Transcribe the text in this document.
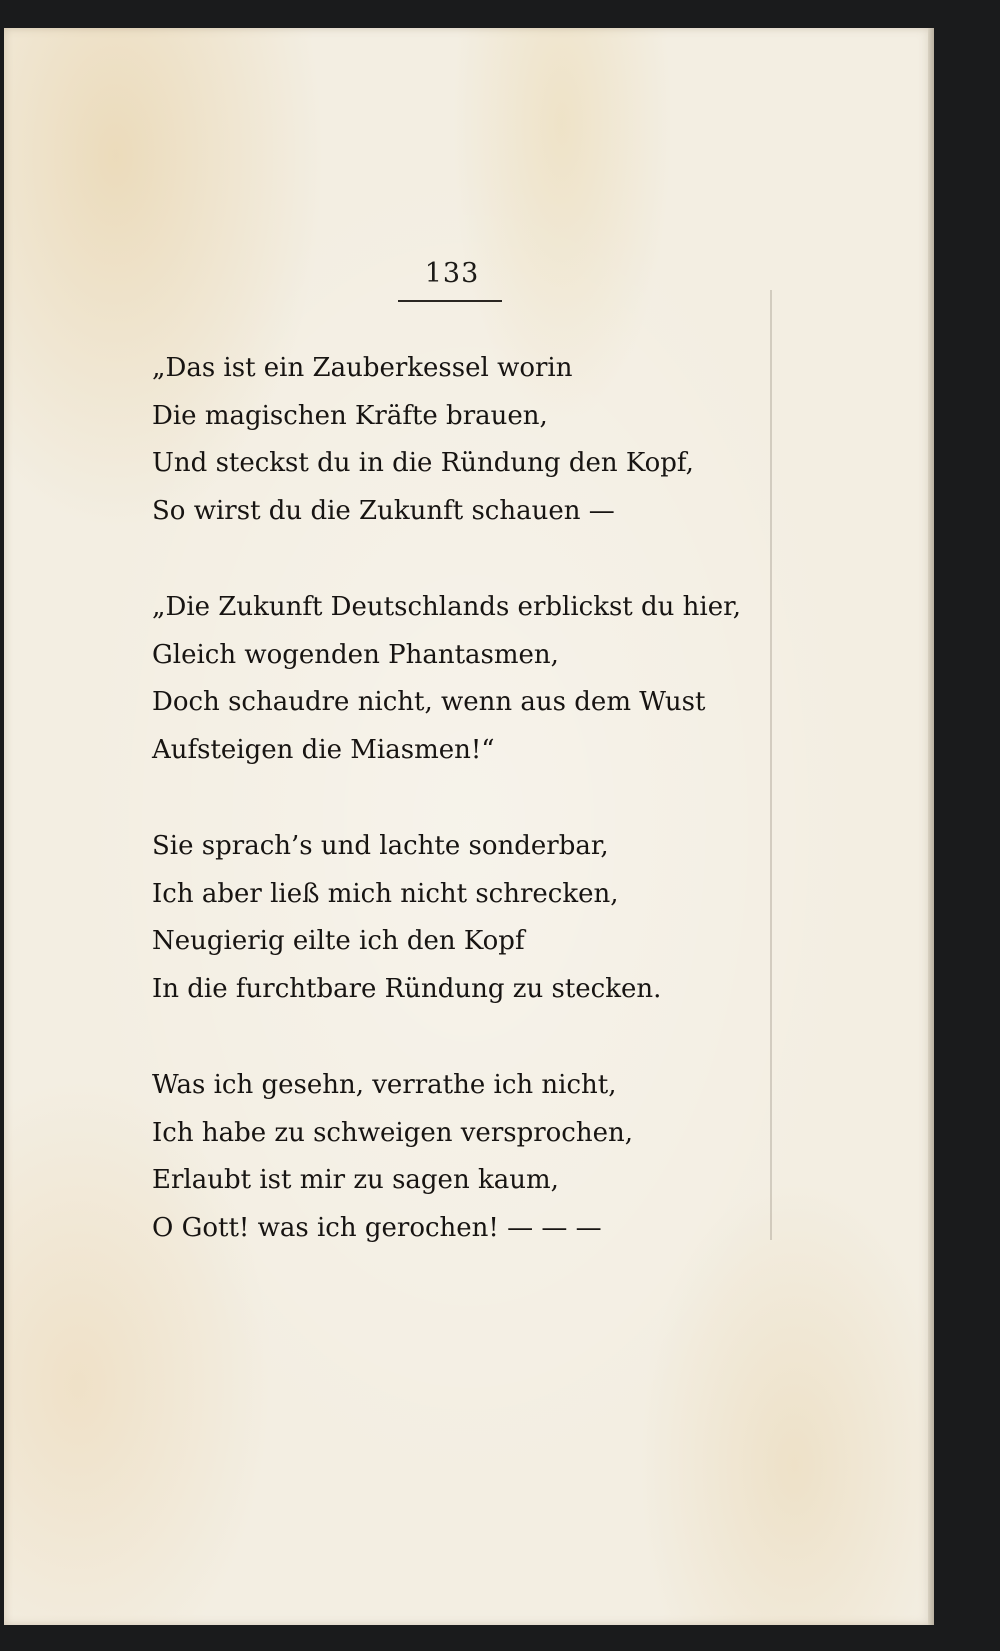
133
„Das ist ein Zauberkessel worin
Die magischen Kräfte brauen,
Und steckst du in die Ründung den Kopf,
So wirst du die Zukunft schauen —
„Die Zukunft Deutschlands erblickst du hier,
Gleich wogenden Phantasmen,
Doch schaudre nicht, wenn aus dem Wust
Aufsteigen die Miasmen!“
Sie sprach’s und lachte sonderbar,
Ich aber ließ mich nicht schrecken,
Neugierig eilte ich den Kopf
In die furchtbare Ründung zu stecken.
Was ich gesehn, verrathe ich nicht,
Ich habe zu schweigen versprochen,
Erlaubt ist mir zu sagen kaum,
O Gott! was ich gerochen! — — —
